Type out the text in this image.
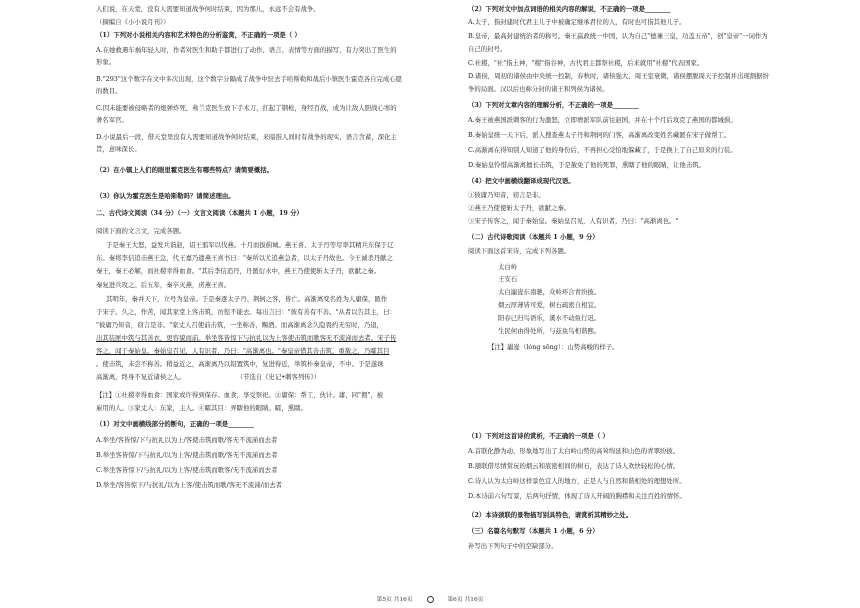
人们说，在天堂，没有人需要知道战争何时结束，因为那儿，永远不会有战争。
（摘编自《小小说月刊》）
（1）下列对小说相关内容和艺术特色的分析鉴赏，不正确的一项是（ ）
A.在她救遇车祸年轻人时，作者对医生和助手都进行了动作、语言、表情等方面的描写，有力突出了医生的
形象。
B."293"这个数字在文中多次出现，这个数字分隔成了战争中驻去手哈斯勒和战后小镇医生霍克各自完成心愿
的数目。
C.因未能要被侵略者的炮弹炸死，弗兰克医生放下手术刀，扛起了钢枪，身经百战，成为让敌人胆战心寒的
著名军官。
D.小说最后一段，借天堂里没有人需要知道战争何时结束，来暗指人间时有战争的现实，语言含蓄，深化主
旨，意味深长。
（2）在小镇上人们的眼里霍克医生有哪些特点？请简要概括。
（3）你认为霍克医生是哈斯勒吗？请简述理由。
二、古代诗文阅读（34 分）（一）文言文阅读（本题共 1 小题，19 分）
阅读下面的文言文，完成各题。
于是秦王大怒，益发兵诣赵，诏王翦军以伐燕。十月而拔蓟城。燕王喜、太子丹等尽率其精兵东保于辽
东。秦将李信追击燕王急，代王嘉乃遗燕王喜书曰："秦所以尤追燕急者，以太子丹故也。今王诚杀丹献之
秦王，秦王必解，而社稷幸得血食。"其后李信追丹，丹匿衍水中，燕王乃使使斩太子丹，欲献之秦。
秦复进兵攻之。后五年，秦卒灭燕，虏燕王喜。
其明年，秦并天下，立号为皇帝。于是秦逐太子丹、荆轲之客，皆亡。高渐离变名姓为人庸保，匿作
于宋子。久之，作苦，闻其家堂上客击筑，彷徨不能去。每出言曰："彼有善有不善。"从者以告其主，曰：
"彼庸乃知音，窃言是非。"家丈人召使前击筑，一坐称善，赐酒。而高渐离念久隐畏约无穷时，乃退，
出其装匣中筑与其善衣，更容貌而前。举坐客皆惊下与抗礼以为上客使击筑而歌客无不流涕而去者。宋子传
客之，闻于秦始皇。秦始皇召见，人有识者，乃曰："高渐离也。"秦皇帝惜其善击筑，重赦之，乃矐其目
。使击筑，未尝不称善。稍益近之，高渐离乃以铅置筑中，复进得近，举筑朴秦皇帝，不中。于是遂诛
高渐离，终身不复近诸侯之人。　　　　　　　　　（节选自《史记•刺客列传》）
【注】①社稷幸得血食：国家或许得到保存。血食，享受祭祀。②庸保：帮工，伙计。庸，同"佣"，被
雇用的人。③家丈人：东家，主人。④矐其目：弄瞎他的眼睛。矐，熏瞎。
（1）对文中画横线部分的断句，正确的一项是________
A.举坐/客皆惊/下与抗礼以为上/客使击筑而歌/客无不流涕而去者
B.举坐客皆惊/下与抗礼/以为上客/使击筑而歌/客无不流涕而去者
C.举坐客皆惊下/与抗礼/以为上客/使击筑而歌客/无不流涕而去者
D.举坐/客皆惊下/与抗礼/以为上客/使击筑而歌/客无不流涕/而去者
（2）下列对文中加点词语的相关内容的解说，不正确的一项是________
A.太子，指封建时代君主儿子中被确定继承君位的人，有时也可指其他儿子。
B.皇帝，最高封建统治者的称号。秦王嬴政统一中国，认为自己"德兼三皇，功盖五帝"，创"皇帝"一词作为
自己的封号。
C.社稷，"社"指土神，"稷"指谷神，古代君主都祭社稷，后来就用"社稷"代表国家。
D.诸侯，周初的诸侯由中央统一控制，春秋时，诸侯强大，周王室衰微，诸侯摆脱周天子控制并出现割据纷
争的局面。汉以后也称分封的诸王和列侯为诸侯。
（3）下列对文章内容的理解分析，不正确的一项是________
A.秦王被燕国派刺客的行为激怒，立即增派军队前往赵国，并在十个月后攻克了燕国的都城蓟。
B.秦始皇统一天下后，派人搜查燕太子丹和荆轲的门客，高渐离改变姓名藏匿在宋子做帮工。
C.高渐离在得知别人知道了他的身份后，不再担心受怕地躲藏了，于是换上了自己原来的行装。
D.秦始皇怜惜高渐离擅长击筑，于是赦免了他的死罪，熏瞎了他的眼睛，让他击筑。
（4）把文中画横线翻译成现代汉语。
①彼庸乃知音，窃言是非。
②燕王乃使使斩太子丹，欲献之秦。
③宋子传客之，闻于秦始皇。秦始皇召见，人有识者，乃曰："高渐离也。"
（二）古代诗歌阅读（本题共 1 小题，9 分）
阅读下面这首宋诗，完成下列各题。
（1）下列对这首诗的赏析，不正确的一项是（ ）
A.首联化静为动，形象地写出了太白岭山势的高耸绵延和山色的青翠纷披。
B.颔联借尽情赏玩的烟云和底密相间的树石，表达了诗人欢快轻松的心情。
C.诗人认为太白岭这样景色宜人的地方，正是人与自然和谐相处的理想处所。
D.本诗前六句写景，后两句抒情，体现了诗人开阔的胸襟和关注百姓的情怀。
（2）本诗颈联的景物描写别具特色，请赏析其精妙之处。
（三）名篇名句默写（本题共 1 小题，6 分）
补写出下列句子中的空缺部分。
太白岭
王安石
太白巃嵸东南驰，众岭环合青纷披。
烟云厚薄皆可爱，树石疏密自相宜。
阳春已归鸟语乐，溪水不动鱼行迟。
生民何由得处所，与兹鱼鸟相谐熙。
【注】巃嵸（lóng sōng）：山势高峻的样子。
第5页 共16页	第6页 共16页
